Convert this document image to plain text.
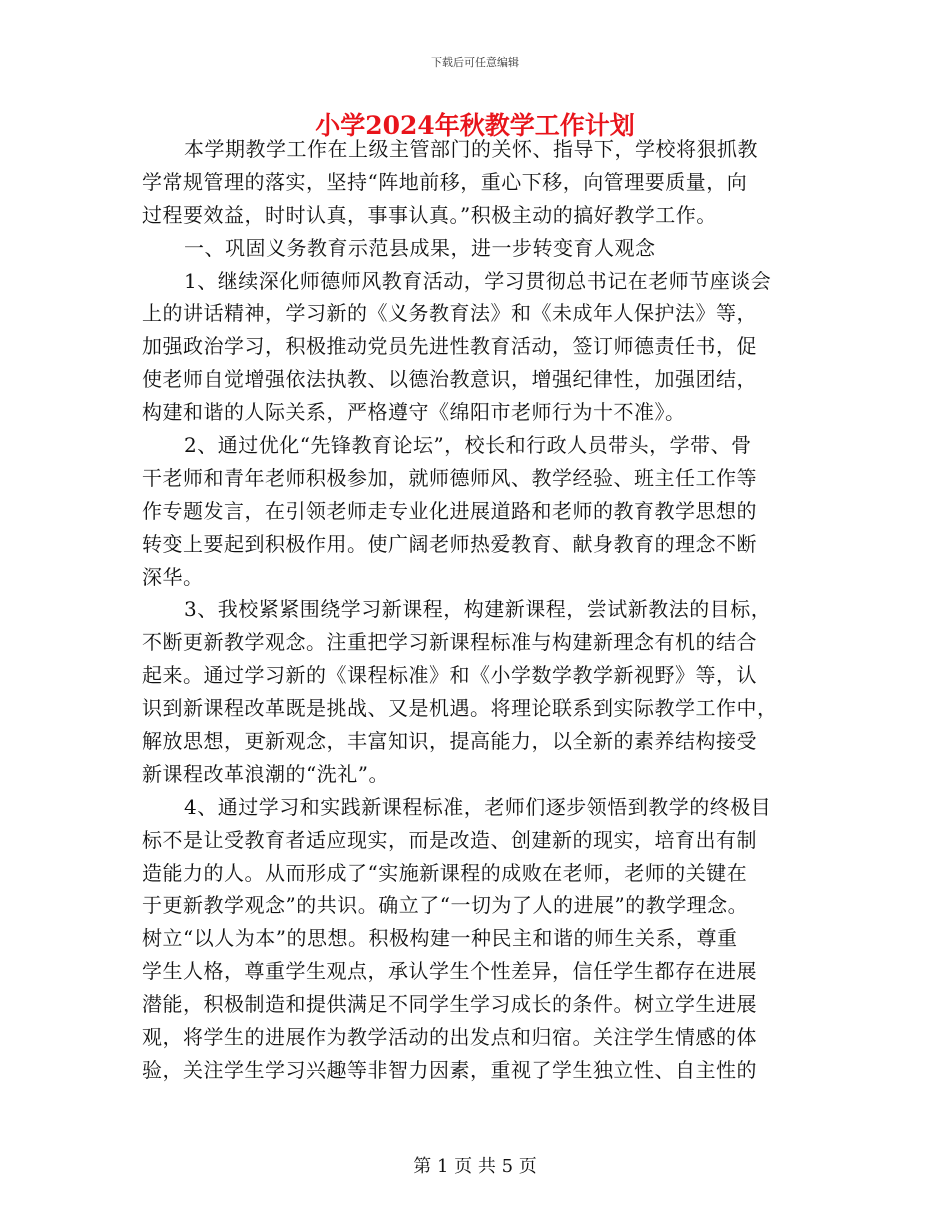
下载后可任意编辑
小学2024年秋教学工作计划
本学期教学工作在上级主管部门的关怀、指导下，学校将狠抓教
学常规管理的落实，坚持“阵地前移，重心下移，向管理要质量，向
过程要效益，时时认真，事事认真。”积极主动的搞好教学工作。
一、巩固义务教育示范县成果，进一步转变育人观念
1、继续深化师德师风教育活动，学习贯彻总书记在老师节座谈会
上的讲话精神，学习新的《义务教育法》和《未成年人保护法》等，
加强政治学习，积极推动党员先进性教育活动，签订师德责任书，促
使老师自觉增强依法执教、以德治教意识，增强纪律性，加强团结，
构建和谐的人际关系，严格遵守《绵阳市老师行为十不准》。
2、通过优化“先锋教育论坛”，校长和行政人员带头，学带、骨
干老师和青年老师积极参加，就师德师风、教学经验、班主任工作等
作专题发言，在引领老师走专业化进展道路和老师的教育教学思想的
转变上要起到积极作用。使广阔老师热爱教育、献身教育的理念不断
深华。
3、我校紧紧围绕学习新课程，构建新课程，尝试新教法的目标，
不断更新教学观念。注重把学习新课程标准与构建新理念有机的结合
起来。通过学习新的《课程标准》和《小学数学教学新视野》等，认
识到新课程改革既是挑战、又是机遇。将理论联系到实际教学工作中，
解放思想，更新观念，丰富知识，提高能力，以全新的素养结构接受
新课程改革浪潮的“洗礼”。
4、通过学习和实践新课程标准，老师们逐步领悟到教学的终极目
标不是让受教育者适应现实，而是改造、创建新的现实，培育出有制
造能力的人。从而形成了“实施新课程的成败在老师，老师的关键在
于更新教学观念”的共识。确立了“一切为了人的进展”的教学理念。
树立“以人为本”的思想。积极构建一种民主和谐的师生关系，尊重
学生人格，尊重学生观点，承认学生个性差异，信任学生都存在进展
潜能，积极制造和提供满足不同学生学习成长的条件。树立学生进展
观，将学生的进展作为教学活动的出发点和归宿。关注学生情感的体
验，关注学生学习兴趣等非智力因素，重视了学生独立性、自主性的
第 1 页 共 5 页
